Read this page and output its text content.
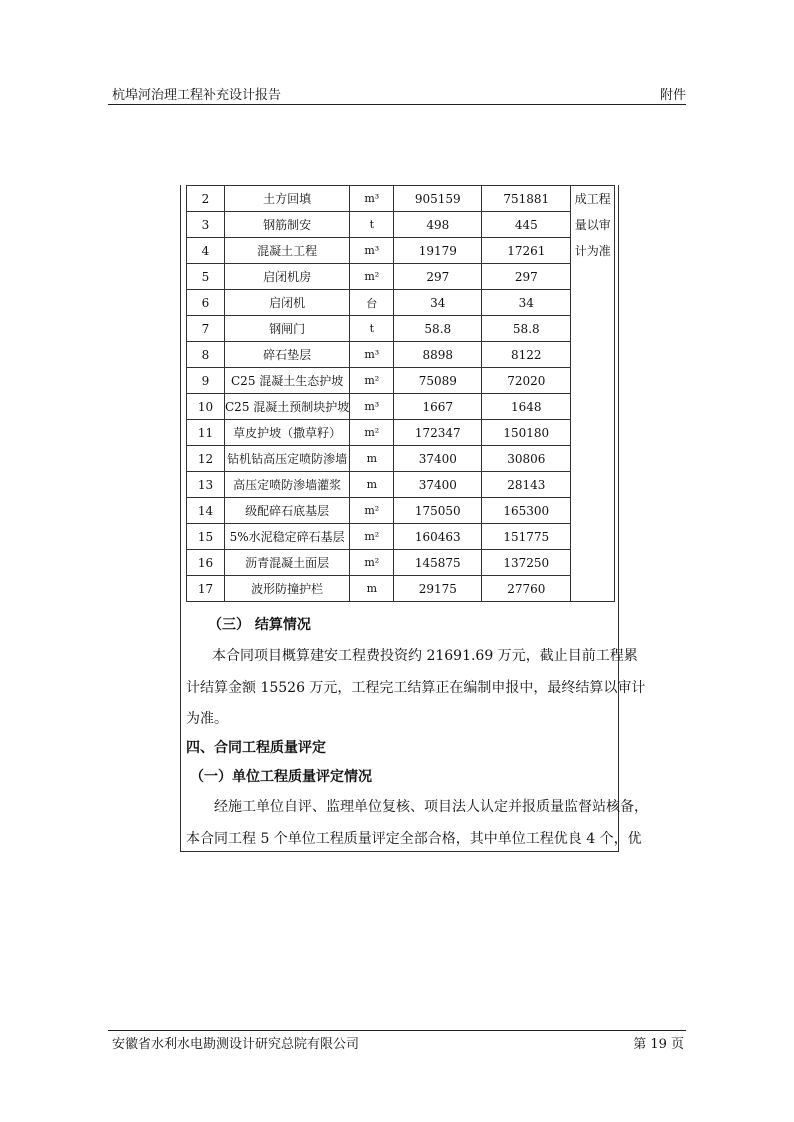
杭埠河治理工程补充设计报告	附件
2	土方回填	m³	905159	751881	成工程
量以审
计为准

3	钢筋制安	t	498	445	
4	混凝土工程	m³	19179	17261	
5	启闭机房	m²	297	297	
6	启闭机	台	34	34	
7	钢闸门	t	58.8	58.8	
8	碎石垫层	m³	8898	8122	
9	C25 混凝土生态护坡	m²	75089	72020	
10	C25 混凝土预制块护坡	m³	1667	1648	
11	草皮护坡（撒草籽）	m²	172347	150180	
12	钻机钻高压定喷防渗墙	m	37400	30806	
13	高压定喷防渗墙灌浆	m	37400	28143	
14	级配碎石底基层	m²	175050	165300	
15	5%水泥稳定碎石基层	m²	160463	151775	
16	沥青混凝土面层	m²	145875	137250	
17	波形防撞护栏	m	29175	27760	
（三） 结算情况
本合同项目概算建安工程费投资约 21691.69 万元，截止目前工程累
计结算金额 15526 万元，工程完工结算正在编制申报中，最终结算以审计
为准。
四、合同工程质量评定
（一）单位工程质量评定情况
经施工单位自评、监理单位复核、项目法人认定并报质量监督站核备，
本合同工程 5 个单位工程质量评定全部合格，其中单位工程优良 4 个，优
安徽省水利水电勘测设计研究总院有限公司	第 19 页
